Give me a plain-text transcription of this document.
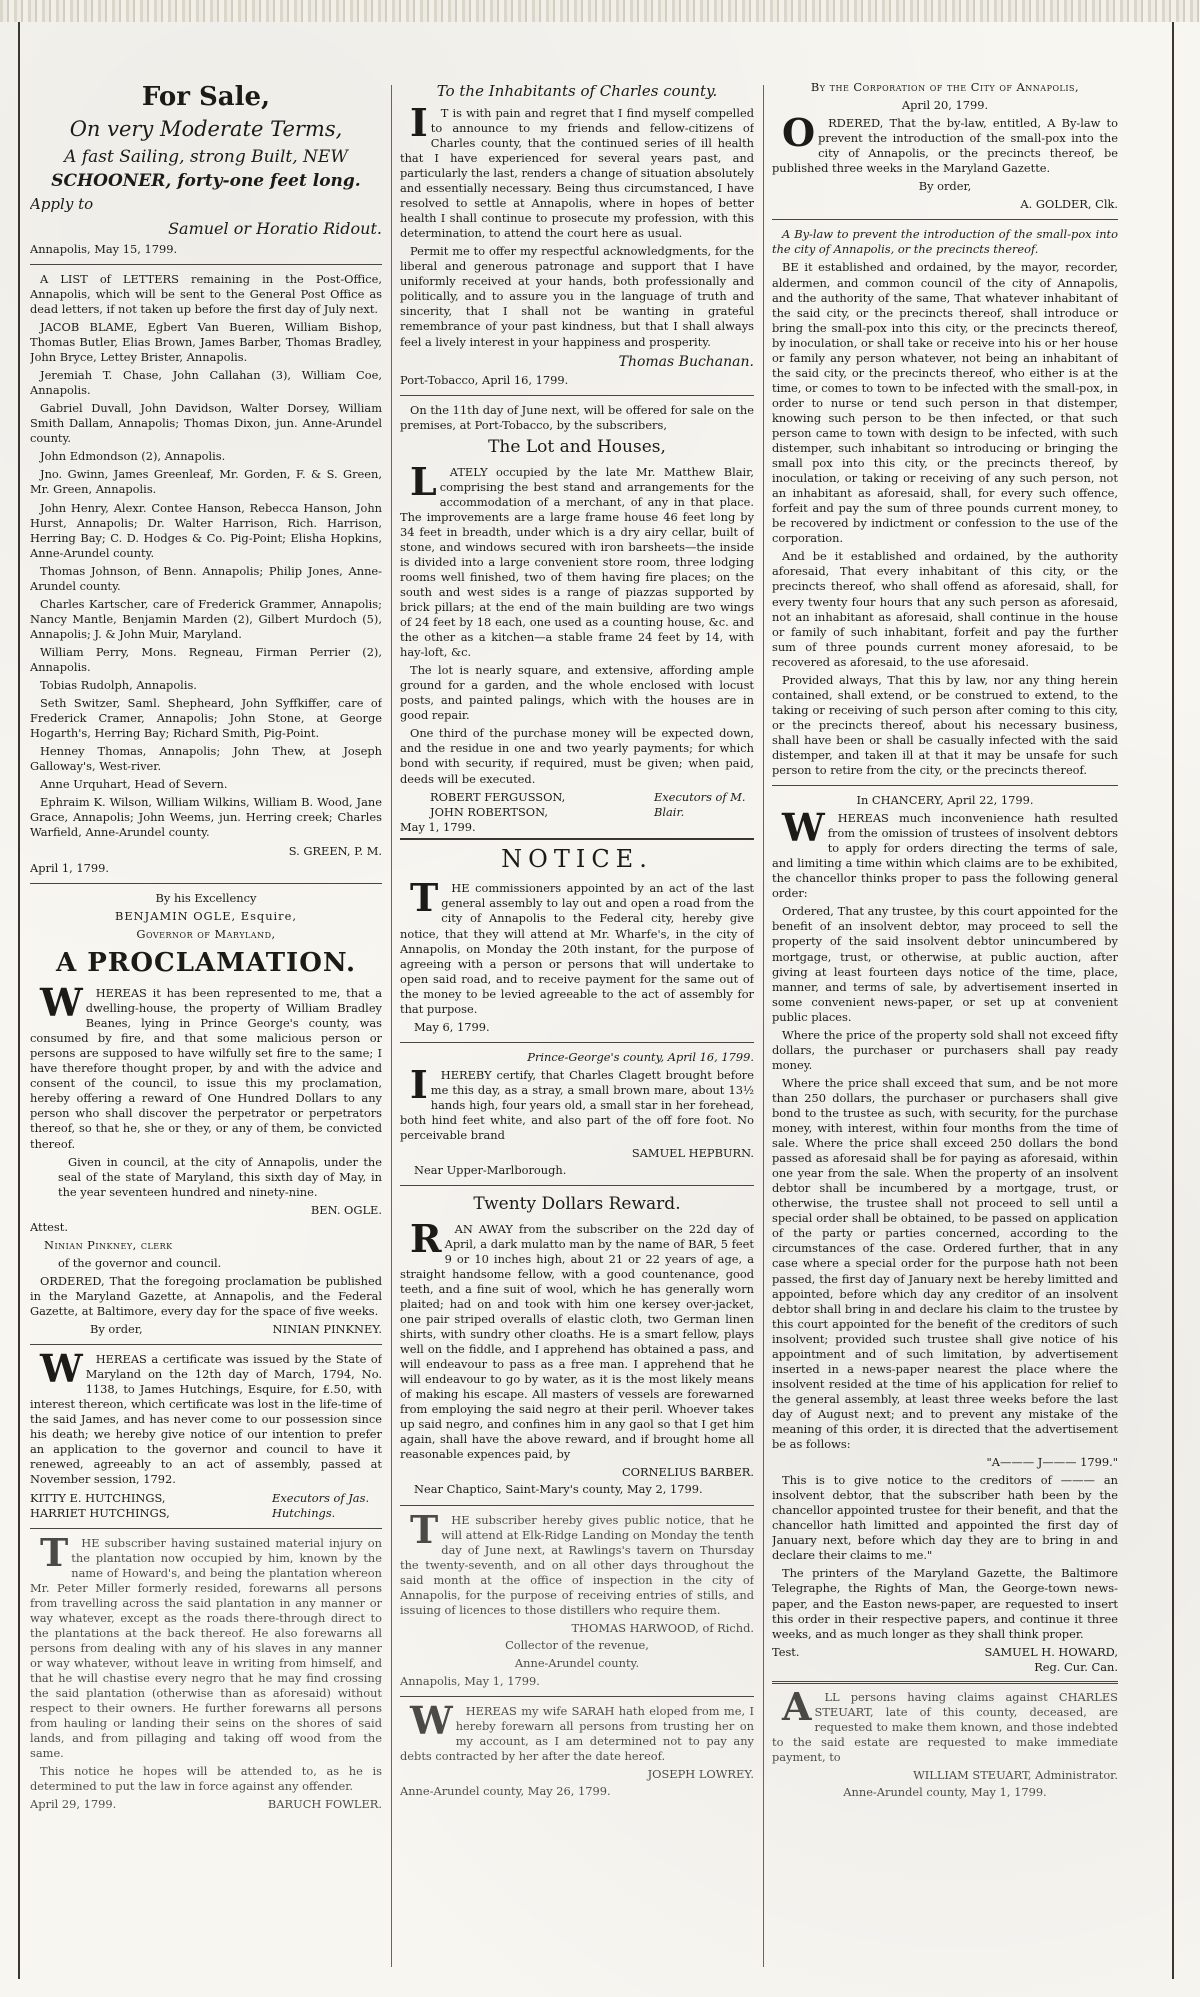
For Sale,

On very Moderate Terms,

A fast Sailing, strong Built, NEW

SCHOONER, forty-one feet long.

Apply to

Samuel or Horatio Ridout.

Annapolis, May 15, 1799.

A LIST of LETTERS remaining in the Post-Office, Annapolis, which will be sent to the General Post Office as dead letters, if not taken up before the first day of July next.

JACOB BLAME, Egbert Van Bueren, William Bishop, Thomas Butler, Elias Brown, James Barber, Thomas Bradley, John Bryce, Lettey Brister, Annapolis.

Jeremiah T. Chase, John Callahan (3), William Coe, Annapolis.

Gabriel Duvall, John Davidson, Walter Dorsey, William Smith Dallam, Annapolis; Thomas Dixon, jun. Anne-Arundel county.

John Edmondson (2), Annapolis.

Jno. Gwinn, James Greenleaf, Mr. Gorden, F. & S. Green, Mr. Green, Annapolis.

John Henry, Alexr. Contee Hanson, Rebecca Hanson, John Hurst, Annapolis; Dr. Walter Harrison, Rich. Harrison, Herring Bay; C. D. Hodges & Co. Pig-Point; Elisha Hopkins, Anne-Arundel county.

Thomas Johnson, of Benn. Annapolis; Philip Jones, Anne-Arundel county.

Charles Kartscher, care of Frederick Grammer, Annapolis; Nancy Mantle, Benjamin Marden (2), Gilbert Murdoch (5), Annapolis; J. & John Muir, Maryland.

William Perry, Mons. Regneau, Firman Perrier (2), Annapolis.

Tobias Rudolph, Annapolis.

Seth Switzer, Saml. Shepheard, John Syffkiffer, care of Frederick Cramer, Annapolis; John Stone, at George Hogarth's, Herring Bay; Richard Smith, Pig-Point.

Henney Thomas, Annapolis; John Thew, at Joseph Galloway's, West-river.

Anne Urquhart, Head of Severn.

Ephraim K. Wilson, William Wilkins, William B. Wood, Jane Grace, Annapolis; John Weems, jun. Herring creek; Charles Warfield, Anne-Arundel county.

S. GREEN, P. M.

April 1, 1799.

By his Excellency

BENJAMIN OGLE, Esquire,

Governor of Maryland,

A PROCLAMATION.

WHEREAS it has been represented to me, that a dwelling-house, the property of William Bradley Beanes, lying in Prince George's county, was consumed by fire, and that some malicious person or persons are supposed to have wilfully set fire to the same; I have therefore thought proper, by and with the advice and consent of the council, to issue this my proclamation, hereby offering a reward of One Hundred Dollars to any person who shall discover the perpetrator or perpetrators thereof, so that he, she or they, or any of them, be convicted thereof.

Given in council, at the city of Annapolis, under the seal of the state of Maryland, this sixth day of May, in the year seventeen hundred and ninety-nine.

BEN. OGLE.

Attest.

Ninian Pinkney, clerk

of the governor and council.

ORDERED, That the foregoing proclamation be published in the Maryland Gazette, at Annapolis, and the Federal Gazette, at Baltimore, every day for the space of five weeks.

By order,	NINIAN PINKNEY.

WHEREAS a certificate was issued by the State of Maryland on the 12th day of March, 1794, No. 1138, to James Hutchings, Esquire, for £.50, with interest thereon, which certificate was lost in the life-time of the said James, and has never come to our possession since his death; we hereby give notice of our intention to prefer an application to the governor and council to have it renewed, agreeably to an act of assembly, passed at November session, 1792.

KITTY E. HUTCHINGS,
HARRIET HUTCHINGS,
Executors of Jas. Hutchings.

THE subscriber having sustained material injury on the plantation now occupied by him, known by the name of Howard's, and being the plantation whereon Mr. Peter Miller formerly resided, forewarns all persons from travelling across the said plantation in any manner or way whatever, except as the roads there-through direct to the plantations at the back thereof. He also forewarns all persons from dealing with any of his slaves in any manner or way whatever, without leave in writing from himself, and that he will chastise every negro that he may find crossing the said plantation (otherwise than as aforesaid) without respect to their owners. He further forewarns all persons from hauling or landing their seins on the shores of said lands, and from pillaging and taking off wood from the same.

This notice he hopes will be attended to, as he is determined to put the law in force against any offender.

April 29, 1799.	BARUCH FOWLER.

To the Inhabitants of Charles county.

IT is with pain and regret that I find myself compelled to announce to my friends and fellow-citizens of Charles county, that the continued series of ill health that I have experienced for several years past, and particularly the last, renders a change of situation absolutely and essentially necessary. Being thus circumstanced, I have resolved to settle at Annapolis, where in hopes of better health I shall continue to prosecute my profession, with this determination, to attend the court here as usual.

Permit me to offer my respectful acknowledgments, for the liberal and generous patronage and support that I have uniformly received at your hands, both professionally and politically, and to assure you in the language of truth and sincerity, that I shall not be wanting in grateful remembrance of your past kindness, but that I shall always feel a lively interest in your happiness and prosperity.

Thomas Buchanan.

Port-Tobacco, April 16, 1799.

On the 11th day of June next, will be offered for sale on the premises, at Port-Tobacco, by the subscribers,

The Lot and Houses,

LATELY occupied by the late Mr. Matthew Blair, comprising the best stand and arrangements for the accommodation of a merchant, of any in that place. The improvements are a large frame house 46 feet long by 34 feet in breadth, under which is a dry airy cellar, built of stone, and windows secured with iron barsheets—the inside is divided into a large convenient store room, three lodging rooms well finished, two of them having fire places; on the south and west sides is a range of piazzas supported by brick pillars; at the end of the main building are two wings of 24 feet by 18 each, one used as a counting house, &c. and the other as a kitchen—a stable frame 24 feet by 14, with hay-loft, &c.

The lot is nearly square, and extensive, affording ample ground for a garden, and the whole enclosed with locust posts, and painted palings, which with the houses are in good repair.

One third of the purchase money will be expected down, and the residue in one and two yearly payments; for which bond with security, if required, must be given; when paid, deeds will be executed.

ROBERT FERGUSSON,
JOHN ROBERTSON,
Executors of M. Blair.

May 1, 1799.

NOTICE.

THE commissioners appointed by an act of the last general assembly to lay out and open a road from the city of Annapolis to the Federal city, hereby give notice, that they will attend at Mr. Wharfe's, in the city of Annapolis, on Monday the 20th instant, for the purpose of agreeing with a person or persons that will undertake to open said road, and to receive payment for the same out of the money to be levied agreeable to the act of assembly for that purpose.

May 6, 1799.

Prince-George's county, April 16, 1799.

IHEREBY certify, that Charles Clagett brought before me this day, as a stray, a small brown mare, about 13½ hands high, four years old, a small star in her forehead, both hind feet white, and also part of the off fore foot. No perceivable brand

SAMUEL HEPBURN.

Near Upper-Marlborough.

Twenty Dollars Reward.

RAN AWAY from the subscriber on the 22d day of April, a dark mulatto man by the name of BAR, 5 feet 9 or 10 inches high, about 21 or 22 years of age, a straight handsome fellow, with a good countenance, good teeth, and a fine suit of wool, which he has generally worn plaited; had on and took with him one kersey over-jacket, one pair striped overalls of elastic cloth, two German linen shirts, with sundry other cloaths. He is a smart fellow, plays well on the fiddle, and I apprehend has obtained a pass, and will endeavour to pass as a free man. I apprehend that he will endeavour to go by water, as it is the most likely means of making his escape. All masters of vessels are forewarned from employing the said negro at their peril. Whoever takes up said negro, and confines him in any gaol so that I get him again, shall have the above reward, and if brought home all reasonable expences paid, by

CORNELIUS BARBER.

Near Chaptico, Saint-Mary's county, May 2, 1799.

THE subscriber hereby gives public notice, that he will attend at Elk-Ridge Landing on Monday the tenth day of June next, at Rawlings's tavern on Thursday the twenty-seventh, and on all other days throughout the said month at the office of inspection in the city of Annapolis, for the purpose of receiving entries of stills, and issuing of licences to those distillers who require them.

THOMAS HARWOOD, of Richd.

Collector of the revenue,

Anne-Arundel county.

Annapolis, May 1, 1799.

WHEREAS my wife SARAH hath eloped from me, I hereby forewarn all persons from trusting her on my account, as I am determined not to pay any debts contracted by her after the date hereof.

JOSEPH LOWREY.

Anne-Arundel county, May 26, 1799.

By the Corporation of the City of Annapolis,

April 20, 1799.

ORDERED, That the by-law, entitled, A By-law to prevent the introduction of the small-pox into the city of Annapolis, or the precincts thereof, be published three weeks in the Maryland Gazette.

By order,

A. GOLDER, Clk.

A By-law to prevent the introduction of the small-pox into the city of Annapolis, or the precincts thereof.

BE it established and ordained, by the mayor, recorder, aldermen, and common council of the city of Annapolis, and the authority of the same, That whatever inhabitant of the said city, or the precincts thereof, shall introduce or bring the small-pox into this city, or the precincts thereof, by inoculation, or shall take or receive into his or her house or family any person whatever, not being an inhabitant of the said city, or the precincts thereof, who either is at the time, or comes to town to be infected with the small-pox, in order to nurse or tend such person in that distemper, knowing such person to be then infected, or that such person came to town with design to be infected, with such distemper, such inhabitant so introducing or bringing the small pox into this city, or the precincts thereof, by inoculation, or taking or receiving of any such person, not an inhabitant as aforesaid, shall, for every such offence, forfeit and pay the sum of three pounds current money, to be recovered by indictment or confession to the use of the corporation.

And be it established and ordained, by the authority aforesaid, That every inhabitant of this city, or the precincts thereof, who shall offend as aforesaid, shall, for every twenty four hours that any such person as aforesaid, not an inhabitant as aforesaid, shall continue in the house or family of such inhabitant, forfeit and pay the further sum of three pounds current money aforesaid, to be recovered as aforesaid, to the use aforesaid.

Provided always, That this by law, nor any thing herein contained, shall extend, or be construed to extend, to the taking or receiving of such person after coming to this city, or the precincts thereof, about his necessary business, shall have been or shall be casually infected with the said distemper, and taken ill at that it may be unsafe for such person to retire from the city, or the precincts thereof.

In CHANCERY, April 22, 1799.

WHEREAS much inconvenience hath resulted from the omission of trustees of insolvent debtors to apply for orders directing the terms of sale, and limiting a time within which claims are to be exhibited, the chancellor thinks proper to pass the following general order:

Ordered, That any trustee, by this court appointed for the benefit of an insolvent debtor, may proceed to sell the property of the said insolvent debtor unincumbered by mortgage, trust, or otherwise, at public auction, after giving at least fourteen days notice of the time, place, manner, and terms of sale, by advertisement inserted in some convenient news-paper, or set up at convenient public places.

Where the price of the property sold shall not exceed fifty dollars, the purchaser or purchasers shall pay ready money.

Where the price shall exceed that sum, and be not more than 250 dollars, the purchaser or purchasers shall give bond to the trustee as such, with security, for the purchase money, with interest, within four months from the time of sale. Where the price shall exceed 250 dollars the bond passed as aforesaid shall be for paying as aforesaid, within one year from the sale. When the property of an insolvent debtor shall be incumbered by a mortgage, trust, or otherwise, the trustee shall not proceed to sell until a special order shall be obtained, to be passed on application of the party or parties concerned, according to the circumstances of the case. Ordered further, that in any case where a special order for the purpose hath not been passed, the first day of January next be hereby limitted and appointed, before which day any creditor of an insolvent debtor shall bring in and declare his claim to the trustee by this court appointed for the benefit of the creditors of such insolvent; provided such trustee shall give notice of his appointment and of such limitation, by advertisement inserted in a news-paper nearest the place where the insolvent resided at the time of his application for relief to the general assembly, at least three weeks before the last day of August next; and to prevent any mistake of the meaning of this order, it is directed that the advertisement be as follows:

"A——— J——— 1799."

This is to give notice to the creditors of ——— an insolvent debtor, that the subscriber hath been by the chancellor appointed trustee for their benefit, and that the chancellor hath limitted and appointed the first day of January next, before which day they are to bring in and declare their claims to me."

The printers of the Maryland Gazette, the Baltimore Telegraphe, the Rights of Man, the George-town news-paper, and the Easton news-paper, are requested to insert this order in their respective papers, and continue it three weeks, and as much longer as they shall think proper.

Test.	SAMUEL H. HOWARD,

Reg. Cur. Can.

ALL persons having claims against CHARLES STEUART, late of this county, deceased, are requested to make them known, and those indebted to the said estate are requested to make immediate payment, to

WILLIAM STEUART, Administrator.

Anne-Arundel county, May 1, 1799.
